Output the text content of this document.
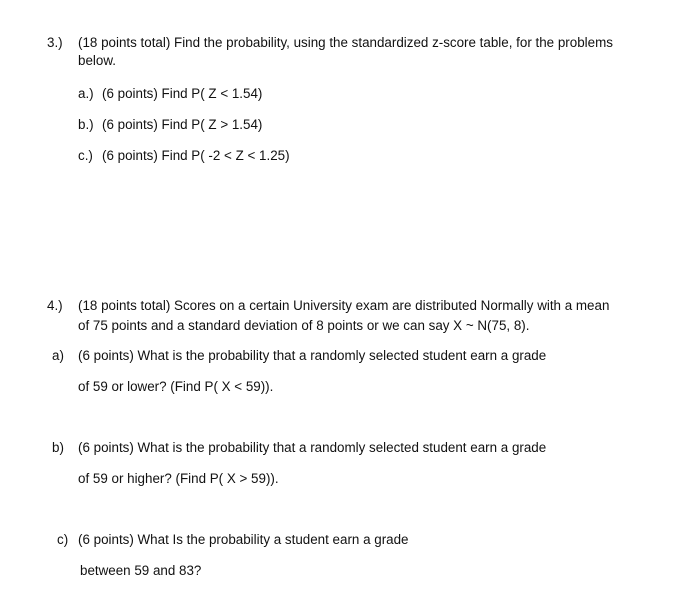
3.) (18 points total) Find the probability, using the standardized z-score table, for the problems
below.
a.) (6 points) Find P( Z < 1.54)
b.) (6 points) Find P( Z > 1.54)
c.) (6 points) Find P( -2 < Z < 1.25)
4.) (18 points total) Scores on a certain University exam are distributed Normally with a mean
of 75 points and a standard deviation of 8 points or we can say X ~ N(75, 8).
a) (6 points) What is the probability that a randomly selected student earn a grade
of 59 or lower? (Find P( X < 59)).
b) (6 points) What is the probability that a randomly selected student earn a grade
of 59 or higher? (Find P( X > 59)).
c) (6 points) What Is the probability a student earn a grade
between 59 and 83?
